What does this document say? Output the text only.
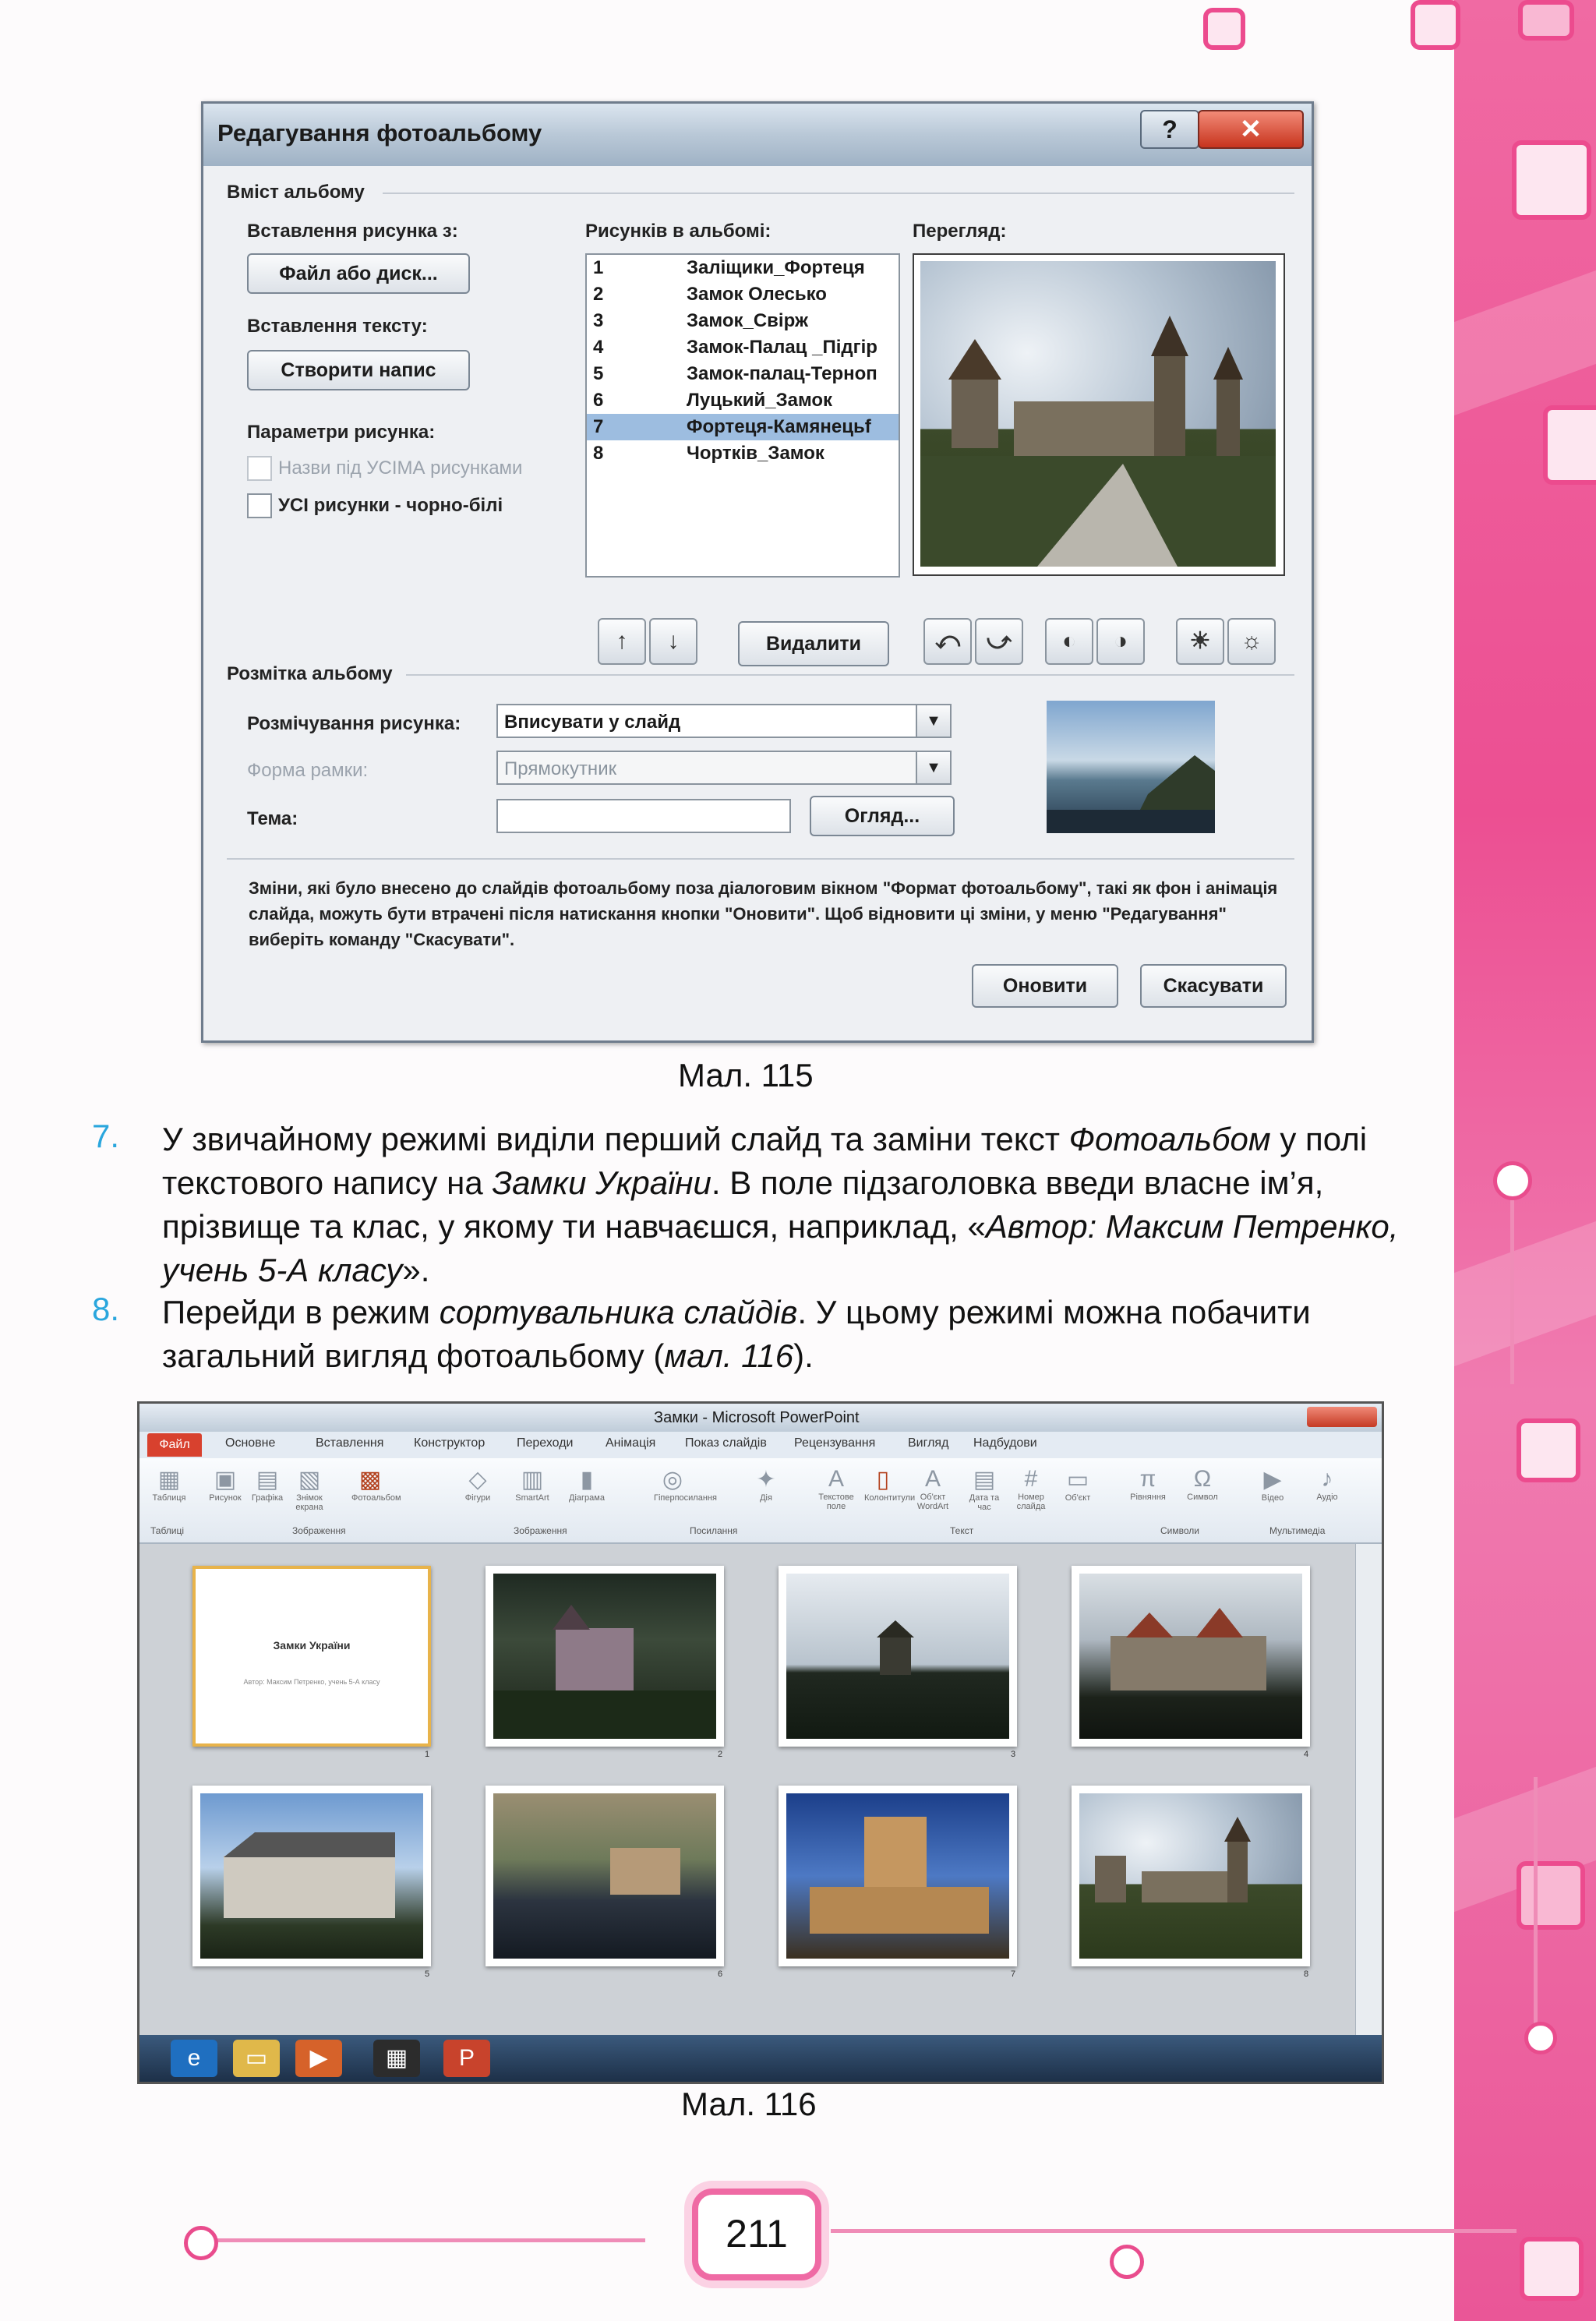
Редагування фотоальбому	?	✕
Вміст альбому
Вставлення рисунка з:
Файл або диск...
Вставлення тексту:
Створити напис
Параметри рисунка:
Назви під УСІМА рисунками
УСІ рисунки - чорно-білі
Рисунків в альбомі:
1	Заліщики_Фортеця
2	Замок Олесько
3	Замок_Свірж
4	Замок-Палац _Підгір
5	Замок-палац-Терноп
6	Луцький_Замок
7	Фортеця-Камянецьf
8	Чортків_Замок
Перегляд:
↑	↓	Видалити	⤺	⤻	◐	◑	☀	☼
Розмітка альбому
Розмічування рисунка:	Вписувати у слайд	▼
Форма рамки:	Прямокутник	▼
Тема:	Огляд...
Зміни, які було внесено до слайдів фотоальбому поза діалоговим вікном "Формат фотоальбому", такі як фон і анімація слайда, можуть бути втрачені після натискання кнопки "Оновити". Щоб відновити ці зміни, у меню "Редагування" виберіть команду "Скасувати".
Оновити	Скасувати
Мал. 115
7. У звичайному режимі виділи перший слайд та заміни текст Фотоальбом у полі текстового напису на Замки України. В поле підзаголовка введи власне ім’я, прізвище та клас, у якому ти навчаєшся, наприклад, «Автор: Максим Петренко, учень 5-А класу».
8. Перейди в режим сортувальника слайдів. У цьому режимі можна побачити загальний вигляд фотоальбому (мал. 116).
Замки - Microsoft PowerPoint
Файл	Основне	Вставлення Конструктор	Переходи	Анімація Показ слайдів Рецензування	Вигляд Надбудови
▦
Таблиця
▣
Рисунок
▤
Графіка
▧
Знімок екрана
▩
Фотоальбом
◇
Фігури
▥
SmartArt
▮
Діаграма
◎
Гіперпосилання
✦
Дія
A
Текстове поле
▯
Колонтитули
A
Об'єкт WordArt
▤
Дата та час
#
Номер слайда
▭
Об'єкт
π
Рівняння
Ω
Символ
▶
Відео
♪
Аудіо
Таблиці	Зображення	Зображення	Посилання	Текст	Символи	Мультимедіа
Замки України
Автор: Максим Петренко, учень 5-А класу
1	2	3	4
5	6	7	8
e	▭	▶	▦	P
Мал. 116
211
